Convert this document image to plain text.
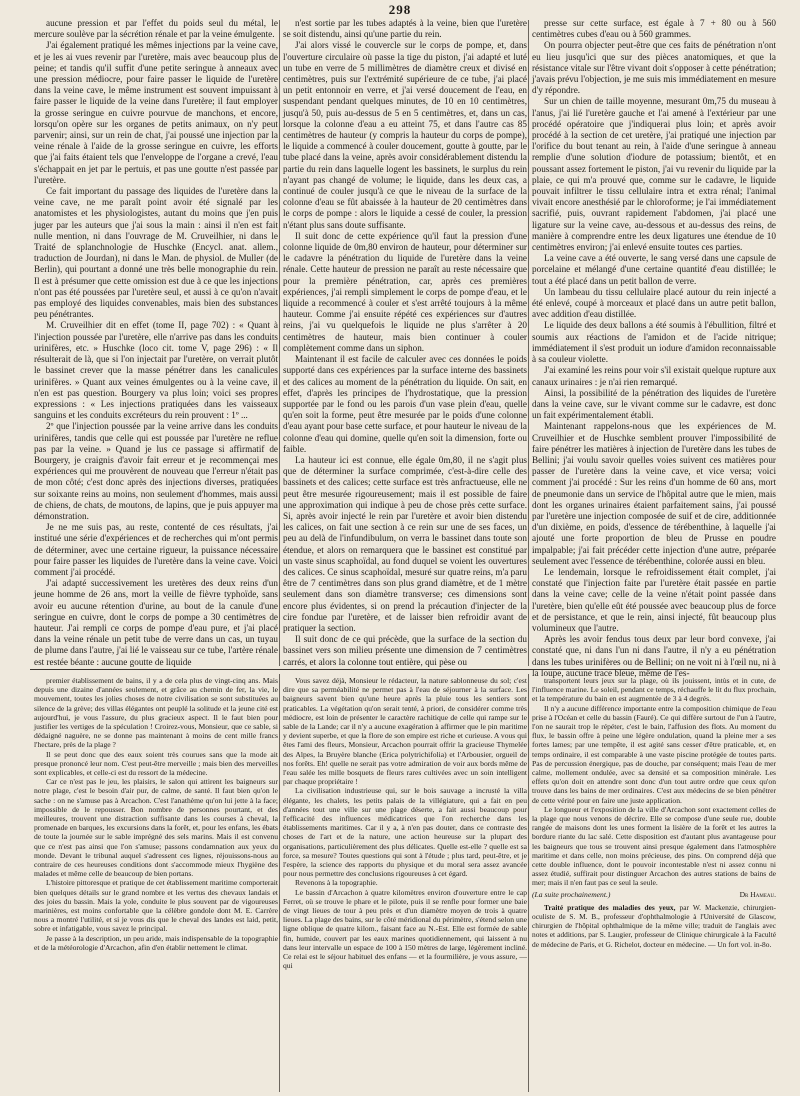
298

aucune pression et par l'effet du poids seul du métal, le mercure soulève par la sécrétion rénale et par la veine émulgente.

J'ai également pratiqué les mêmes injections par la veine cave, et je les ai vues revenir par l'uretère, mais avec beaucoup plus de peine; et tandis qu'il suffit d'une petite seringue à anneaux avec une pression médiocre, pour faire passer le liquide de l'uretère dans la veine cave, le même instrument est souvent impuissant à faire passer le liquide de la veine dans l'uretère; il faut employer la grosse seringue en cuivre pourvue de manchons, et encore, lorsqu'on opère sur les organes de petits animaux, on n'y peut parvenir; ainsi, sur un rein de chat, j'ai poussé une injection par la veine rénale à l'aide de la grosse seringue en cuivre, les efforts que j'ai faits étaient tels que l'enveloppe de l'organe a crevé, l'eau s'échappait en jet par le pertuis, et pas une goutte n'est passée par l'uretère.

Ce fait important du passage des liquides de l'uretère dans la veine cave, ne me paraît point avoir été signalé par les anatomistes et les physiologistes, autant du moins que j'en puis juger par les auteurs que j'ai sous la main : ainsi il n'en est fait nulle mention, ni dans l'ouvrage de M. Cruveilhier, ni dans le Traité de splanchnologie de Huschke (Encycl. anat. allem., traduction de Jourdan), ni dans le Man. de physiol. de Muller (de Berlin), qui pourtant a donné une très belle monographie du rein. Il est à présumer que cette omission est due à ce que les injections n'ont pas été poussées par l'uretère seul, et aussi à ce qu'on n'avait pas employé des liquides convenables, mais bien des substances peu pénétrantes.

M. Cruveilhier dit en effet (tome II, page 702) : « Quant à l'injection poussée par l'uretère, elle n'arrive pas dans les conduits urinifères, etc. » Huschke (loco cit. tome V, page 296) : « Il résulterait de là, que si l'on injectait par l'uretère, on verrait plutôt le bassinet crever que la masse pénétrer dans les canalicules urinifères. » Quant aux veines émulgentes ou à la veine cave, il n'en est pas question. Bourgery va plus loin; voici ses propres expressions : « Les injections pratiquées dans les vaisseaux sanguins et les conduits excréteurs du rein prouvent : 1º ...

2º que l'injection poussée par la veine arrive dans les conduits urinifères, tandis que celle qui est poussée par l'uretère ne reflue pas par la veine. » Quand je lus ce passage si affirmatif de Bourgery, je craignis d'avoir fait erreur et je recommençai mes expériences qui me prouvèrent de nouveau que l'erreur n'était pas de mon côté; c'est donc après des injections diverses, pratiquées sur soixante reins au moins, non seulement d'hommes, mais aussi de chiens, de chats, de moutons, de lapins, que je puis appuyer ma démonstration.

Je ne me suis pas, au reste, contenté de ces résultats, j'ai institué une série d'expériences et de recherches qui m'ont permis de déterminer, avec une certaine rigueur, la puissance nécessaire pour faire passer les liquides de l'uretère dans la veine cave. Voici comment j'ai procédé.

J'ai adapté successivement les uretères des deux reins d'un jeune homme de 26 ans, mort la veille de fièvre typhoïde, sans avoir eu aucune rétention d'urine, au bout de la canule d'une seringue en cuivre, dont le corps de pompe a 30 centimètres de hauteur. J'ai rempli ce corps de pompe d'eau pure, et j'ai placé dans la veine rénale un petit tube de verre dans un cas, un tuyau de plume dans l'autre, j'ai lié le vaisseau sur ce tube, l'artère rénale est restée béante : aucune goutte de liquide

n'est sortie par les tubes adaptés à la veine, bien que l'uretère se soit distendu, ainsi qu'une partie du rein.

J'ai alors vissé le couvercle sur le corps de pompe, et, dans l'ouverture circulaire où passe la tige du piston, j'ai adapté et luté un tube en verre de 5 millimètres de diamètre creux et divisé en centimètres, puis sur l'extrémité supérieure de ce tube, j'ai placé un petit entonnoir en verre, et j'ai versé doucement de l'eau, en suspendant pendant quelques minutes, de 10 en 10 centimètres, jusqu'à 50, puis au-dessus de 5 en 5 centimètres, et, dans un cas, lorsque la colonne d'eau a eu atteint 75, et dans l'autre cas 85 centimètres de hauteur (y compris la hauteur du corps de pompe), le liquide a commencé à couler doucement, goutte à goutte, par le tube placé dans la veine, après avoir considérablement distendu la partie du rein dans laquelle logent les bassinets, le surplus du rein n'ayant pas changé de volume; le liquide, dans les deux cas, a continué de couler jusqu'à ce que le niveau de la surface de la colonne d'eau se fût abaissée à la hauteur de 20 centimètres dans le corps de pompe : alors le liquide a cessé de couler, la pression n'étant plus sans doute suffisante.

Il suit donc de cette expérience qu'il faut la pression d'une colonne liquide de 0m,80 environ de hauteur, pour déterminer sur le cadavre la pénétration du liquide de l'uretère dans la veine rénale. Cette hauteur de pression ne paraît au reste nécessaire que pour la première pénétration, car, après ces premières expériences, j'ai rempli simplement le corps de pompe d'eau, et le liquide a recommencé à couler et s'est arrêté toujours à la même hauteur. Comme j'ai ensuite répété ces expériences sur d'autres reins, j'ai vu quelquefois le liquide ne plus s'arrêter à 20 centimètres de hauteur, mais bien continuer à couler complètement comme dans un siphon.

Maintenant il est facile de calculer avec ces données le poids supporté dans ces expériences par la surface interne des bassinets et des calices au moment de la pénétration du liquide. On sait, en effet, d'après les principes de l'hydrostatique, que la pression supportée par le fond ou les parois d'un vase plein d'eau, quelle qu'en soit la forme, peut être mesurée par le poids d'une colonne d'eau ayant pour base cette surface, et pour hauteur le niveau de la colonne d'eau qui domine, quelle qu'en soit la dimension, forte ou faible.

La hauteur ici est connue, elle égale 0m,80, il ne s'agit plus que de déterminer la surface comprimée, c'est-à-dire celle des bassinets et des calices; cette surface est très anfractueuse, elle ne peut être mesurée rigoureusement; mais il est possible de faire une approximation qui indique à peu de chose près cette surface. Si, après avoir injecté le rein par l'uretère et avoir bien distendu les calices, on fait une section à ce rein sur une de ses faces, un peu au delà de l'infundibulum, on verra le bassinet dans toute son étendue, et alors on remarquera que le bassinet est constitué par un vaste sinus scaphoïdal, au fond duquel se voient les ouvertures des calices. Ce sinus scaphoïdal, mesuré sur quatre reins, m'a paru être de 7 centimètres dans son plus grand diamètre, et de 1 mètre seulement dans son diamètre transverse; ces dimensions sont encore plus évidentes, si on prend la précaution d'injecter de la cire fondue par l'uretère, et de laisser bien refroidir avant de pratiquer la section.

Il suit donc de ce qui précède, que la surface de la section du bassinet vers son milieu présente une dimension de 7 centimètres carrés, et alors la colonne tout entière, qui pèse ou

presse sur cette surface, est égale à 7 + 80 ou à 560 centimètres cubes d'eau ou à 560 grammes.

On pourra objecter peut-être que ces faits de pénétration n'ont eu lieu jusqu'ici que sur des pièces anatomiques, et que la résistance vitale sur l'être vivant doit s'opposer à cette pénétration; j'avais prévu l'objection, je me suis mis immédiatement en mesure d'y répondre.

Sur un chien de taille moyenne, mesurant 0m,75 du museau à l'anus, j'ai lié l'uretère gauche et l'ai amené à l'extérieur par une procédé opératoire que j'indiquerai plus loin; et après avoir procédé à la section de cet uretère, j'ai pratiqué une injection par l'orifice du bout tenant au rein, à l'aide d'une seringue à anneau remplie d'une solution d'iodure de potassium; bientôt, et en poussant assez fortement le piston, j'ai vu revenir du liquide par la plaie, ce qui m'a prouvé que, comme sur le cadavre, le liquide pouvait infiltrer le tissu cellulaire intra et extra rénal; l'animal vivait encore anesthésié par le chloroforme; je l'ai immédiatement sacrifié, puis, ouvrant rapidement l'abdomen, j'ai placé une ligature sur la veine cave, au-dessous et au-dessus des reins, de manière à comprendre entre les deux ligatures une étendue de 10 centimètres environ; j'ai enlevé ensuite toutes ces parties.

La veine cave a été ouverte, le sang versé dans une capsule de porcelaine et mélangé d'une certaine quantité d'eau distillée; le tout a été placé dans un petit ballon de verre.

Un lambeau du tissu cellulaire placé autour du rein injecté a été enlevé, coupé à morceaux et placé dans un autre petit ballon, avec addition d'eau distillée.

Le liquide des deux ballons a été soumis à l'ébullition, filtré et soumis aux réactions de l'amidon et de l'acide nitrique; immédiatement il s'est produit un iodure d'amidon reconnaissable à sa couleur violette.

J'ai examiné les reins pour voir s'il existait quelque rupture aux canaux urinaires : je n'ai rien remarqué.

Ainsi, la possibilité de la pénétration des liquides de l'uretère dans la veine cave, sur le vivant comme sur le cadavre, est donc un fait expérimentalement établi.

Maintenant rappelons-nous que les expériences de M. Cruveilhier et de Huschke semblent prouver l'impossibilité de faire pénétrer les matières à injection de l'uretère dans les tubes de Bellini; j'ai voulu savoir quelles voies suivent ces matières pour passer de l'uretère dans la veine cave, et vice versa; voici comment j'ai procédé : Sur les reins d'un homme de 60 ans, mort de pneumonie dans un service de l'hôpital autre que le mien, mais dont les organes urinaires étaient parfaitement sains, j'ai poussé par l'uretère une injection composée de suif et de cire, additionnée d'un dixième, en poids, d'essence de térébenthine, à laquelle j'ai ajouté une forte proportion de bleu de Prusse en poudre impalpable; j'ai fait précéder cette injection d'une autre, préparée seulement avec l'essence de térébenthine, colorée aussi en bleu.

Le lendemain, lorsque le refroidissement était complet, j'ai constaté que l'injection faite par l'uretère était passée en partie dans la veine cave; celle de la veine n'était point passée dans l'uretère, bien qu'elle eût été poussée avec beaucoup plus de force et de persistance, et que le rein, ainsi injecté, fût beaucoup plus volumineux que l'autre.

Après les avoir fendus tous deux par leur bord convexe, j'ai constaté que, ni dans l'un ni dans l'autre, il n'y a eu pénétration dans les tubes urinifères ou de Bellini; on ne voit ni à l'œil nu, ni à la loupe, aucune trace bleue, même de l'es-

premier établissement de bains, il y a de cela plus de vingt-cinq ans. Mais depuis une dizaine d'années seulement, et grâce au chemin de fer, la vie, le mouvement, toutes les jolies choses de notre civilisation se sont substituées au silence de la grève; des villas élégantes ont peuplé la solitude et la jeune cité est aujourd'hui, je vous l'assure, du plus gracieux aspect. Il le faut bien pour justifier les vertiges de la spéculation ! Croirez-vous, Monsieur, que ce sable, si dédaigné naguère, ne se donne pas maintenant à moins de cent mille francs l'hectare, près de la plage ?

Il se peut donc que des eaux soient très courues sans que la mode ait presque prononcé leur nom. C'est peut-être merveille ; mais bien des merveilles sont explicables, et celle-ci est du ressort de la médecine.

Car ce n'est pas le jeu, les plaisirs, le salon qui attirent les baigneurs sur notre plage, c'est le besoin d'air pur, de calme, de santé. Il faut bien qu'on le sache : on ne s'amuse pas à Arcachon. C'est l'anathème qu'on lui jette à la face; impossible de le repousser. Bon nombre de personnes pourtant, et des meilleures, trouvent une distraction suffisante dans les courses à cheval, la promenade en barques, les excursions dans la forêt, et, pour les enfans, les ébats de toute la journée sur le sable imprégné des sels marins. Mais il est convenu que ce n'est pas ainsi que l'on s'amuse; passons condamnation aux yeux du monde. Devant le tribunal auquel s'adressent ces lignes, réjouissons-nous au contraire de ces heureuses conditions dont s'accommode mieux l'hygiène des malades et même celle de beaucoup de bien portans.

L'histoire pittoresque et pratique de cet établissement maritime comporterait bien quelques détails sur le grand nombre et les vertus des chevaux landais et des joies du bassin. Mais la yole, conduite le plus souvent par de vigoureuses marinières, est moins confortable que la célèbre gondole dont M. E. Carrère nous a montré l'utilité, et si je vous dis que le cheval des landes est laid, petit, sobre et infatigable, vous savez le principal.

Je passe à la description, un peu aride, mais indispensable de la topographie et de la météorologie d'Arcachon, afin d'en établir nettement le climat.

Vous savez déjà, Monsieur le rédacteur, la nature sablonneuse du sol; c'est dire que sa perméabilité ne permet pas à l'eau de séjourner à la surface. Les baigneurs savent bien qu'une heure après la pluie tous les sentiers sont praticables. La végétation qu'on serait tenté, à priori, de considérer comme très médiocre, est loin de présenter le caractère rachitique de celle qui rampe sur le sable de la Lande; car il n'y a aucune exagération à affirmer que le pin maritime y devient superbe, et que la flore de son empire est riche et curieuse. A vous qui êtes l'ami des fleurs, Monsieur, Arcachon pourrait offrir la gracieuse Thymelée des Alpes, la Bruyère blanche (Erica polytrichifolia) et l'Arbousier, orgueil de nos forêts. Eh! quelle ne serait pas votre admiration de voir aux bords même de l'eau salée les mille bosquets de fleurs rares cultivées avec un soin intelligent par chaque propriétaire !

La civilisation industrieuse qui, sur le bois sauvage a incrusté la villa élégante, les chalets, les petits palais de la villégiature, qui a fait en peu d'années tout une ville sur une plage déserte, a fait aussi beaucoup pour l'efficacité des influences médicatrices que l'on recherche dans les établissements maritimes. Car il y a, à n'en pas douter, dans ce contraste des choses de l'art et de la nature, une action heureuse sur la plupart des organisations, particulièrement des plus délicates. Quelle est-elle ? quelle est sa force, sa mesure? Toutes questions qui sont à l'étude ; plus tard, peut-être, et je l'espère, la science des rapports du physique et du moral sera assez avancée pour nous permettre des conclusions rigoureuses à cet égard.

Revenons à la topographie.

Le bassin d'Arcachon à quatre kilomètres environ d'ouverture entre le cap Ferret, où se trouve le phare et le pilote, puis il se renfle pour former une baie de vingt lieues de tour à peu près et d'un diamètre moyen de trois à quatre lieues. La plage des bains, sur le côté méridional du périmètre, s'étend selon une ligne oblique de quatre kilom., faisant face au N.-Est. Elle est formée de sable fin, humide, couvert par les eaux marines quotidiennement, qui laissent à nu dans leur intervalle un espace de 100 à 150 mètres de large, légèrement incliné. Ce relai est le séjour habituel des enfans — et la fourmilière, je vous assure, — qui

transportent leurs jeux sur la plage, où ils jouissent, intùs et in cute, de l'influence marine. Le soleil, pendant ce temps, réchauffe le lit du flux prochain, et la température du bain en est augmentée de 3 à 4 degrés.

Il n'y a aucune différence importante entre la composition chimique de l'eau prise à l'Océan et celle du bassin (Fauré). Ce qui diffère surtout de l'un à l'autre, l'on ne saurait trop le répéter, c'est le bain, l'affusion des flots. Au moment du flux, le bassin offre à peine une légère ondulation, quand la pleine mer a ses fortes lames; par une tempête, il est agité sans cesser d'être praticable, et, en temps ordinaire, il est comparable à une vaste piscine protégée de toutes parts. Pas de percussion énergique, pas de douche, par conséquent; mais l'eau de mer calme, mollement ondulée, avec sa densité et sa composition minérale. Les effets qu'on doit en attendre sont donc d'un tout autre ordre que ceux qu'on trouve dans les bains de mer ordinaires. C'est aux médecins de se bien pénétrer de cette vérité pour en faire une juste application.

Le longueur et l'exposition de la ville d'Arcachon sont exactement celles de la plage que nous venons de décrire. Elle se compose d'une seule rue, double rangée de maisons dont les unes forment la lisière de la forêt et les autres la bordure riante du lac salé. Cette disposition est d'autant plus avantageuse pour les baigneurs que tous se trouvent ainsi presque également dans l'atmosphère maritime et dans celle, non moins précieuse, des pins. On comprend déjà que cette double influence, dont le pouvoir incontestable n'est ni assez connu ni assez étudié, suffirait pour distinguer Arcachon des autres stations de bains de mer; mais il n'en faut pas ce seul la seule.

(La suite prochainement.)	Dr Hameau.

Traité pratique des maladies des yeux, par W. Mackenzie, chirurgien-oculiste de S. M. B., professeur d'ophthalmologie à l'Université de Glascow, chirurgien de l'hôpital ophthalmique de la même ville; traduit de l'anglais avec notes et additions, par S. Laugier, professeur de Clinique chirurgicale à la Faculté de médecine de Paris, et G. Richelot, docteur en médecine. — Un fort vol. in-8o.
